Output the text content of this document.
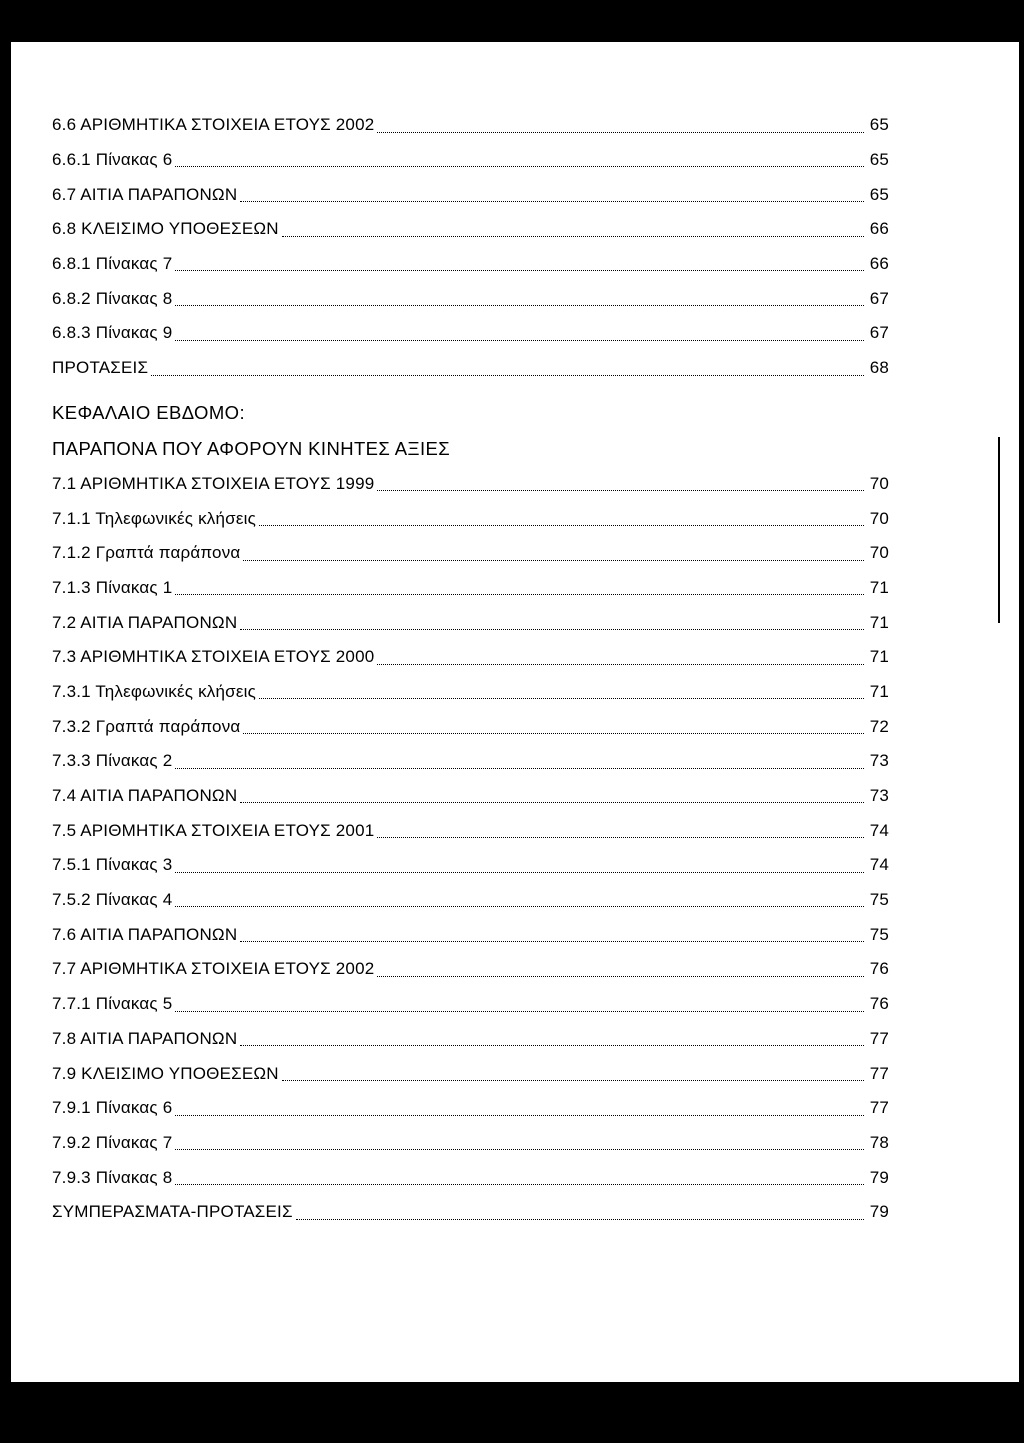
6.6 ΑΡΙΘΜΗΤΙΚΑ ΣΤΟΙΧΕΙΑ ΕΤΟΥΣ 2002	65
6.6.1 Πίνακας 6	65
6.7 ΑΙΤΙΑ ΠΑΡΑΠΟΝΩΝ	65
6.8 ΚΛΕΙΣΙΜΟ ΥΠΟΘΕΣΕΩΝ	66
6.8.1 Πίνακας 7	66
6.8.2 Πίνακας 8	67
6.8.3 Πίνακας 9	67
ΠΡΟΤΑΣΕΙΣ	68
ΚΕΦΑΛΑΙΟ ΕΒΔΟΜΟ:
ΠΑΡΑΠΟΝΑ ΠΟΥ ΑΦΟΡΟΥΝ ΚΙΝΗΤΕΣ ΑΞΙΕΣ
7.1 ΑΡΙΘΜΗΤΙΚΑ ΣΤΟΙΧΕΙΑ ΕΤΟΥΣ 1999	70
7.1.1 Τηλεφωνικές κλήσεις	70
7.1.2 Γραπτά παράπονα	70
7.1.3 Πίνακας 1	71
7.2 ΑΙΤΙΑ ΠΑΡΑΠΟΝΩΝ	71
7.3 ΑΡΙΘΜΗΤΙΚΑ ΣΤΟΙΧΕΙΑ ΕΤΟΥΣ 2000	71
7.3.1 Τηλεφωνικές κλήσεις	71
7.3.2 Γραπτά παράπονα	72
7.3.3 Πίνακας 2	73
7.4 ΑΙΤΙΑ ΠΑΡΑΠΟΝΩΝ	73
7.5 ΑΡΙΘΜΗΤΙΚΑ ΣΤΟΙΧΕΙΑ ΕΤΟΥΣ 2001	74
7.5.1 Πίνακας 3	74
7.5.2 Πίνακας 4	75
7.6 ΑΙΤΙΑ ΠΑΡΑΠΟΝΩΝ	75
7.7 ΑΡΙΘΜΗΤΙΚΑ ΣΤΟΙΧΕΙΑ ΕΤΟΥΣ 2002	76
7.7.1 Πίνακας 5	76
7.8 ΑΙΤΙΑ ΠΑΡΑΠΟΝΩΝ	77
7.9 ΚΛΕΙΣΙΜΟ ΥΠΟΘΕΣΕΩΝ	77
7.9.1 Πίνακας 6	77
7.9.2 Πίνακας 7	78
7.9.3 Πίνακας 8	79
ΣΥΜΠΕΡΑΣΜΑΤΑ-ΠΡΟΤΑΣΕΙΣ	79
